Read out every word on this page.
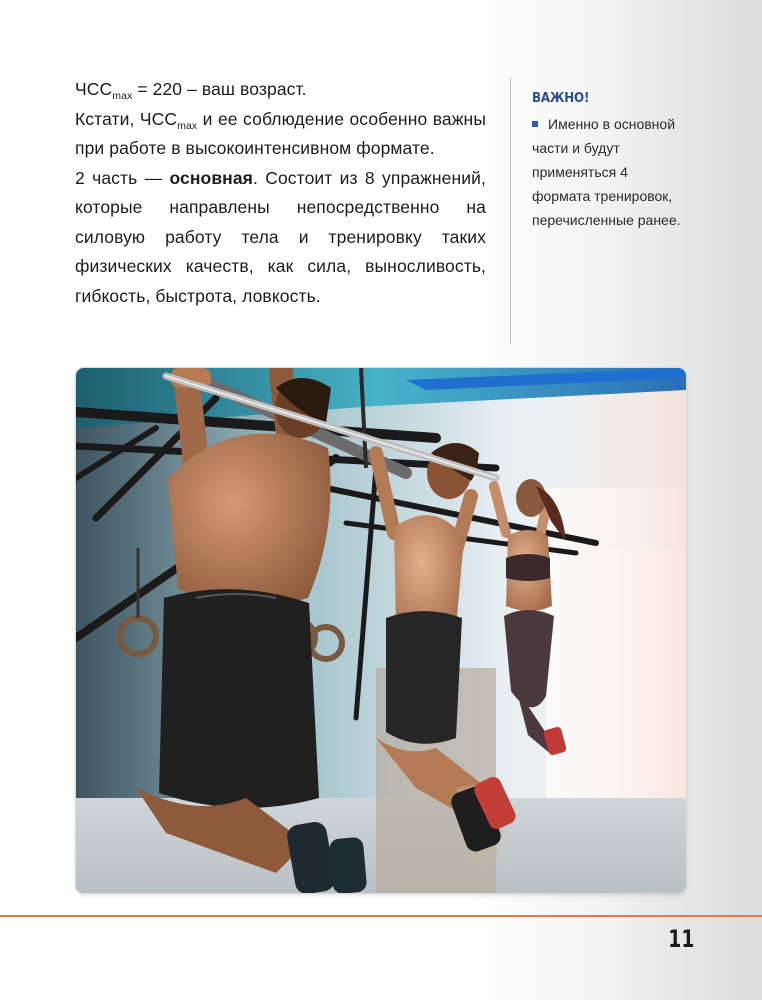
$ЧСС_{max} = 220$ – ваш возраст.

Кстати, $ЧСС_{max}$ и ее соблюдение особенно важны при работе в высокоинтенсивном формате.

2 часть — основная. Состоит из 8 упражнений, которые направлены непосредственно на силовую работу тела и тренировку таких физических качеств, как сила, выносливость, гибкость, быстрота, ловкость.

ВАЖНО!
Именно в основной части и будут применяться 4 формата тренировок, перечисленные ранее.
11
